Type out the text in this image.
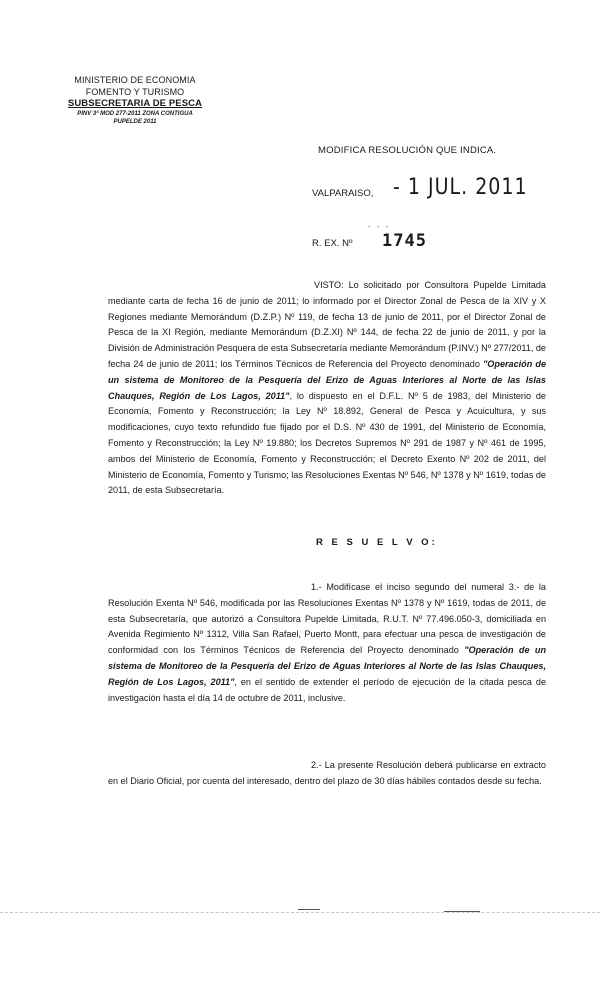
MINISTERIO DE ECONOMIA
FOMENTO Y TURISMO
SUBSECRETARIA DE PESCA
PINV 3ª MOD 277-2011 ZONA CONTIGUA
PUPELDE 2011
MODIFICA RESOLUCIÓN QUE INDICA.
VALPARAISO, - 1 JUL. 2011
- - -
R. EX. Nº 1745
VISTO: Lo solicitado por Consultora Pupelde Limitada mediante carta de fecha 16 de junio de 2011; lo informado por el Director Zonal de Pesca de la XIV y X Regiones mediante Memorándum (D.Z.P.) Nº 119, de fecha 13 de junio de 2011, por el Director Zonal de Pesca de la XI Región, mediante Memorándum (D.Z.XI) Nº 144, de fecha 22 de junio de 2011, y por la División de Administración Pesquera de esta Subsecretaría mediante Memorándum (P.INV.) Nº 277/2011, de fecha 24 de junio de 2011; los Términos Técnicos de Referencia del Proyecto denominado "Operación de un sistema de Monitoreo de la Pesquería del Erizo de Aguas Interiores al Norte de las Islas Chauques, Región de Los Lagos, 2011", lo dispuesto en el D.F.L. Nº 5 de 1983, del Ministerio de Economía, Fomento y Reconstrucción; la Ley Nº 18.892, General de Pesca y Acuicultura, y sus modificaciones, cuyo texto refundido fue fijado por el D.S. Nº 430 de 1991, del Ministerio de Economía, Fomento y Reconstrucción; la Ley Nº 19.880; los Decretos Supremos Nº 291 de 1987 y Nº 461 de 1995, ambos del Ministerio de Economía, Fomento y Reconstrucción; el Decreto Exento Nº 202 de 2011, del Ministerio de Economía, Fomento y Turismo; las Resoluciones Exentas Nº 546, Nº 1378 y Nº 1619, todas de 2011, de esta Subsecretaría.
R E S U E L V O:
1.- Modifícase el inciso segundo del numeral 3.- de la Resolución Exenta Nº 546, modificada por las Resoluciones Exentas Nº 1378 y Nº 1619, todas de 2011, de esta Subsecretaría, que autorizó a Consultora Pupelde Limitada, R.U.T. Nº 77.496.050-3, domiciliada en Avenida Regimiento Nº 1312, Villa San Rafael, Puerto Montt, para efectuar una pesca de investigación de conformidad con los Términos Técnicos de Referencia del Proyecto denominado "Operación de un sistema de Monitoreo de la Pesquería del Erizo de Aguas Interiores al Norte de las Islas Chauques, Región de Los Lagos, 2011", en el sentido de extender el período de ejecución de la citada pesca de investigación hasta el día 14 de octubre de 2011, inclusive.
2.- La presente Resolución deberá publicarse en extracto en el Diario Oficial, por cuenta del interesado, dentro del plazo de 30 días hábiles contados desde su fecha.
